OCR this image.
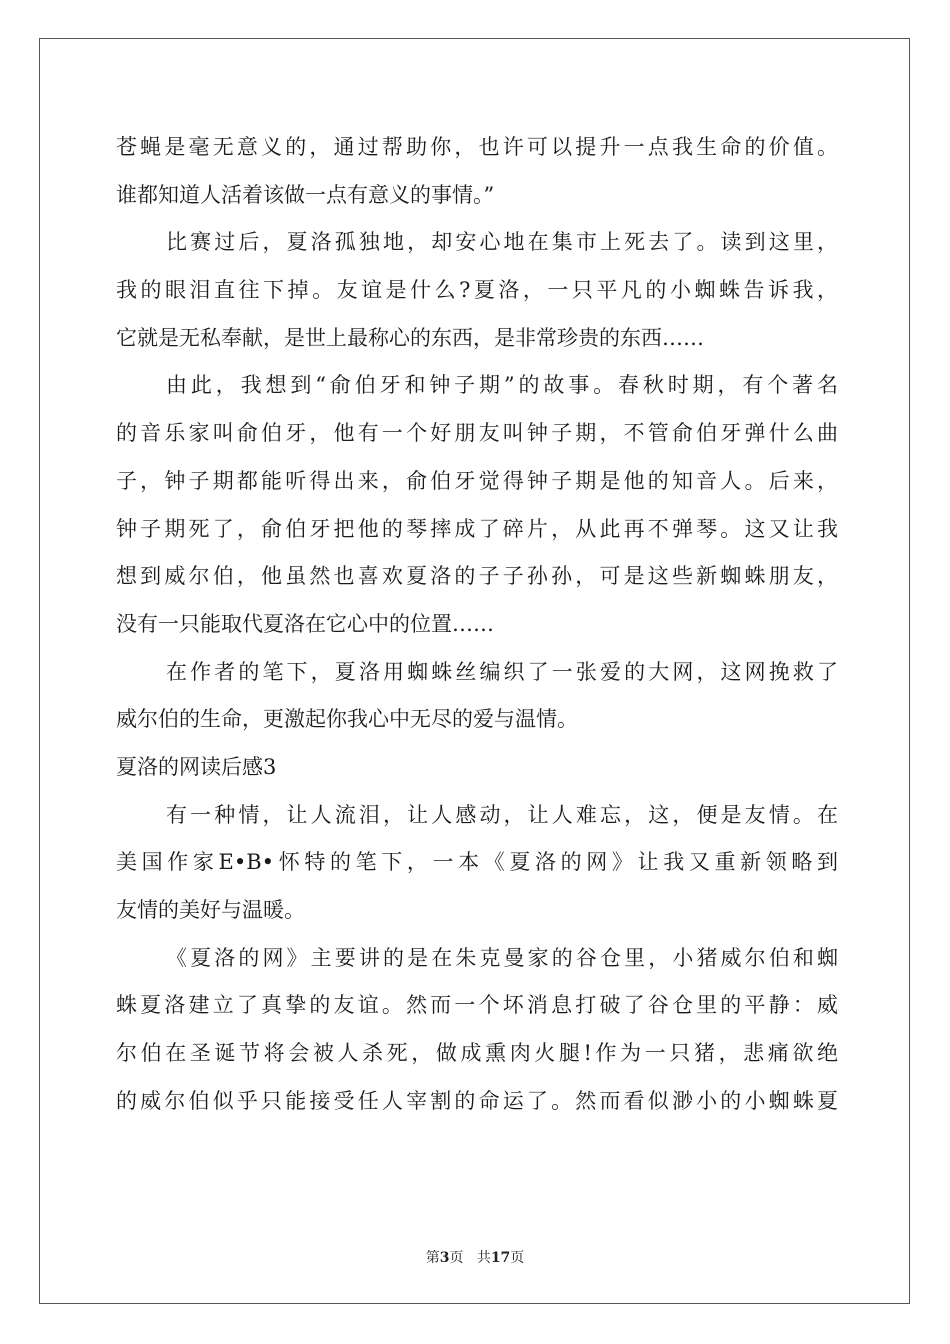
苍蝇是毫无意义的，通过帮助你，也许可以提升一点我生命的价值。
谁都知道人活着该做一点有意义的事情。”
比赛过后，夏洛孤独地，却安心地在集市上死去了。读到这里，
我的眼泪直往下掉。友谊是什么?夏洛，一只平凡的小蜘蛛告诉我，
它就是无私奉献，是世上最称心的东西，是非常珍贵的东西……
由此，我想到“俞伯牙和钟子期”的故事。春秋时期，有个著名
的音乐家叫俞伯牙，他有一个好朋友叫钟子期，不管俞伯牙弹什么曲
子，钟子期都能听得出来，俞伯牙觉得钟子期是他的知音人。后来，
钟子期死了，俞伯牙把他的琴摔成了碎片，从此再不弹琴。这又让我
想到威尔伯，他虽然也喜欢夏洛的子子孙孙，可是这些新蜘蛛朋友，
没有一只能取代夏洛在它心中的位置……
在作者的笔下，夏洛用蜘蛛丝编织了一张爱的大网，这网挽救了
威尔伯的生命，更激起你我心中无尽的爱与温情。
夏洛的网读后感3
有一种情，让人流泪，让人感动，让人难忘，这，便是友情。在
美国作家E•B•怀特的笔下，一本《夏洛的网》让我又重新领略到
友情的美好与温暖。
《夏洛的网》主要讲的是在朱克曼家的谷仓里，小猪威尔伯和蜘
蛛夏洛建立了真挚的友谊。然而一个坏消息打破了谷仓里的平静：威
尔伯在圣诞节将会被人杀死，做成熏肉火腿!作为一只猪，悲痛欲绝
的威尔伯似乎只能接受任人宰割的命运了。然而看似渺小的小蜘蛛夏
第3页 共17页
